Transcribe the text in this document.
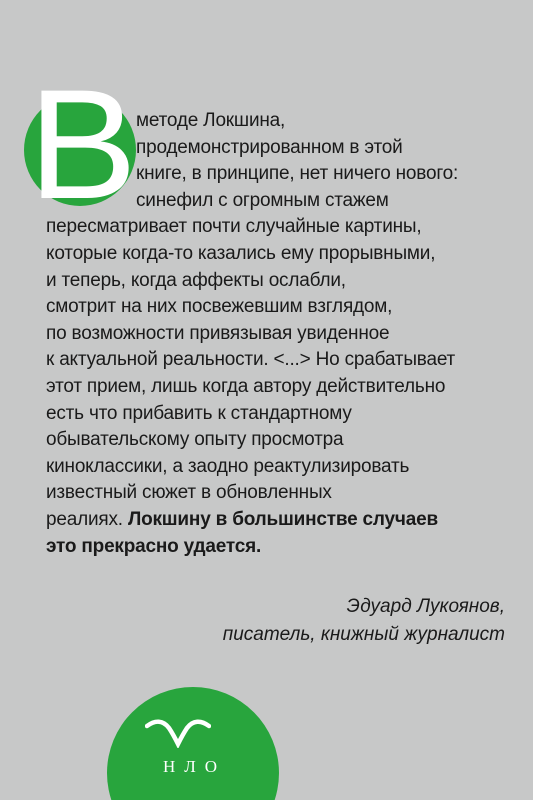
В методе Локшина,
продемонстрированном в этой
книге, в принципе, нет ничего нового:
синефил с огромным стажем
пересматривает почти случайные картины,
которые когда-то казались ему прорывными,
и теперь, когда аффекты ослабли,
смотрит на них посвежевшим взглядом,
по возможности привязывая увиденное
к актуальной реальности. <...> Но срабатывает
этот прием, лишь когда автору действительно
есть что прибавить к стандартному
обывательскому опыту просмотра
киноклассики, а заодно реактулизировать
известный сюжет в обновленных
реалиях. Локшину в большинстве случаев
это прекрасно удается.
Эдуард Лукоянов,
писатель, книжный журналист
НЛО
